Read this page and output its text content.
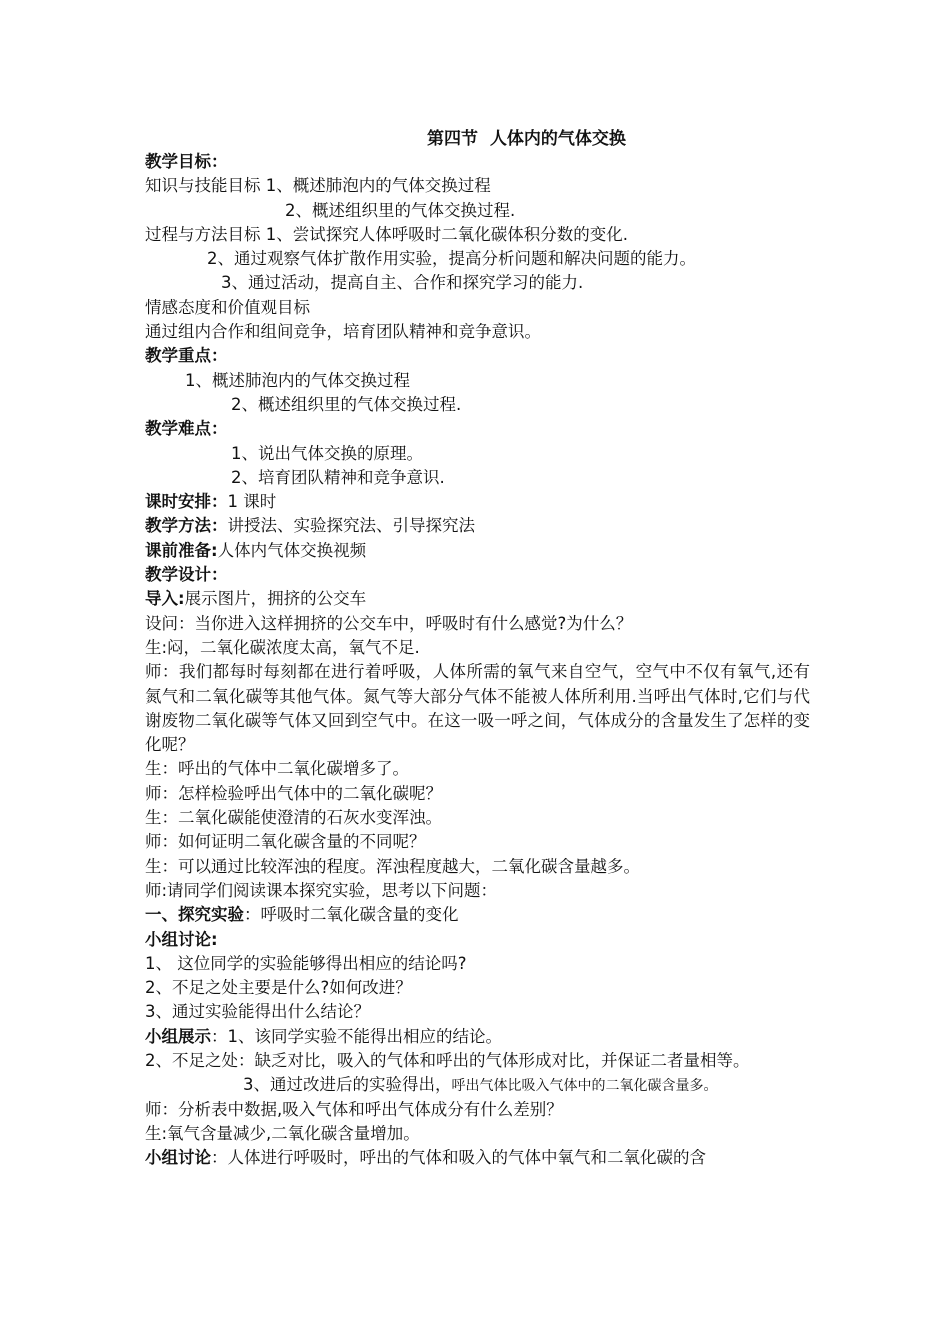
第四节  人体内的气体交换
教学目标：
知识与技能目标 1、概述肺泡内的气体交换过程
2、概述组织里的气体交换过程.
过程与方法目标 1、尝试探究人体呼吸时二氧化碳体积分数的变化.
2、通过观察气体扩散作用实验，提高分析问题和解决问题的能力。
3、通过活动，提高自主、合作和探究学习的能力.
情感态度和价值观目标
通过组内合作和组间竞争，培育团队精神和竞争意识。
教学重点：
1、概述肺泡内的气体交换过程
2、概述组织里的气体交换过程.
教学难点：
1、说出气体交换的原理。
2、培育团队精神和竞争意识.
课时安排：1 课时
教学方法：讲授法、实验探究法、引导探究法
课前准备:人体内气体交换视频
教学设计：
导入:展示图片，拥挤的公交车
设问：当你进入这样拥挤的公交车中，呼吸时有什么感觉?为什么？
生:闷，二氧化碳浓度太高，氧气不足.
师：我们都每时每刻都在进行着呼吸，人体所需的氧气来自空气，空气中不仅有氧气,还有氮气和二氧化碳等其他气体。氮气等大部分气体不能被人体所利用.当呼出气体时,它们与代谢废物二氧化碳等气体又回到空气中。在这一吸一呼之间，气体成分的含量发生了怎样的变化呢？
生：呼出的气体中二氧化碳增多了。
师：怎样检验呼出气体中的二氧化碳呢？
生：二氧化碳能使澄清的石灰水变浑浊。
师：如何证明二氧化碳含量的不同呢？
生：可以通过比较浑浊的程度。浑浊程度越大，二氧化碳含量越多。
师:请同学们阅读课本探究实验，思考以下问题：
一、探究实验：呼吸时二氧化碳含量的变化
小组讨论:
1、 这位同学的实验能够得出相应的结论吗?
2、不足之处主要是什么?如何改进？
3、通过实验能得出什么结论？
小组展示：1、该同学实验不能得出相应的结论。
2、不足之处：缺乏对比，吸入的气体和呼出的气体形成对比，并保证二者量相等。
3、通过改进后的实验得出，呼出气体比吸入气体中的二氧化碳含量多。
师：分析表中数据,吸入气体和呼出气体成分有什么差别？
生:氧气含量减少,二氧化碳含量增加。
小组讨论：人体进行呼吸时，呼出的气体和吸入的气体中氧气和二氧化碳的含
